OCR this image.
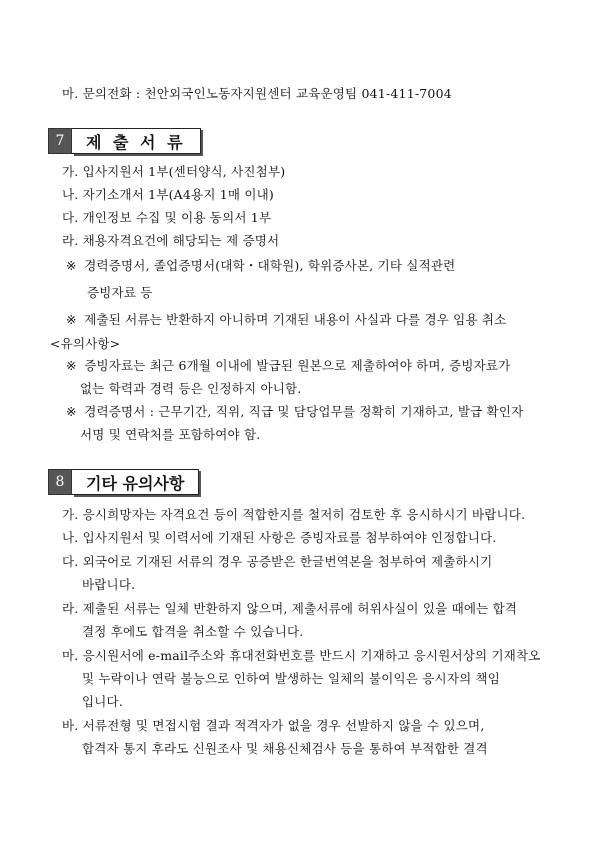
마. 문의전화 : 천안외국인노동자지원센터 교육운영팀 041-411-7004
7	제 출 서 류
가. 입사지원서 1부(센터양식, 사진첨부)
나. 자기소개서 1부(A4용지 1매 이내)
다. 개인정보 수집 및 이용 동의서 1부
라. 채용자격요건에 해당되는 제 증명서
※ 경력증명서, 졸업증명서(대학・대학원), 학위증사본, 기타 실적관련
증빙자료 등
※ 제출된 서류는 반환하지 아니하며 기재된 내용이 사실과 다를 경우 임용 취소
<유의사항>
※ 증빙자료는 최근 6개월 이내에 발급된 원본으로 제출하여야 하며, 증빙자료가
없는 학력과 경력 등은 인정하지 아니함.
※ 경력증명서 : 근무기간, 직위, 직급 및 담당업무를 정확히 기재하고, 발급 확인자
서명 및 연락처를 포함하여야 함.
8	기타 유의사항
가. 응시희망자는 자격요건 등이 적합한지를 철저히 검토한 후 응시하시기 바랍니다.
나. 입사지원서 및 이력서에 기재된 사항은 증빙자료를 첨부하여야 인정합니다.
다. 외국어로 기재된 서류의 경우 공증받은 한글번역본을 첨부하여 제출하시기
바랍니다.
라. 제출된 서류는 일체 반환하지 않으며, 제출서류에 허위사실이 있을 때에는 합격
결정 후에도 합격을 취소할 수 있습니다.
마. 응시원서에 e-mail주소와 휴대전화번호를 반드시 기재하고 응시원서상의 기재착오
및 누락이나 연락 불능으로 인하여 발생하는 일체의 불이익은 응시자의 책임
입니다.
바. 서류전형 및 면접시험 결과 적격자가 없을 경우 선발하지 않을 수 있으며,
합격자 통지 후라도 신원조사 및 채용신체검사 등을 통하여 부적합한 결격
